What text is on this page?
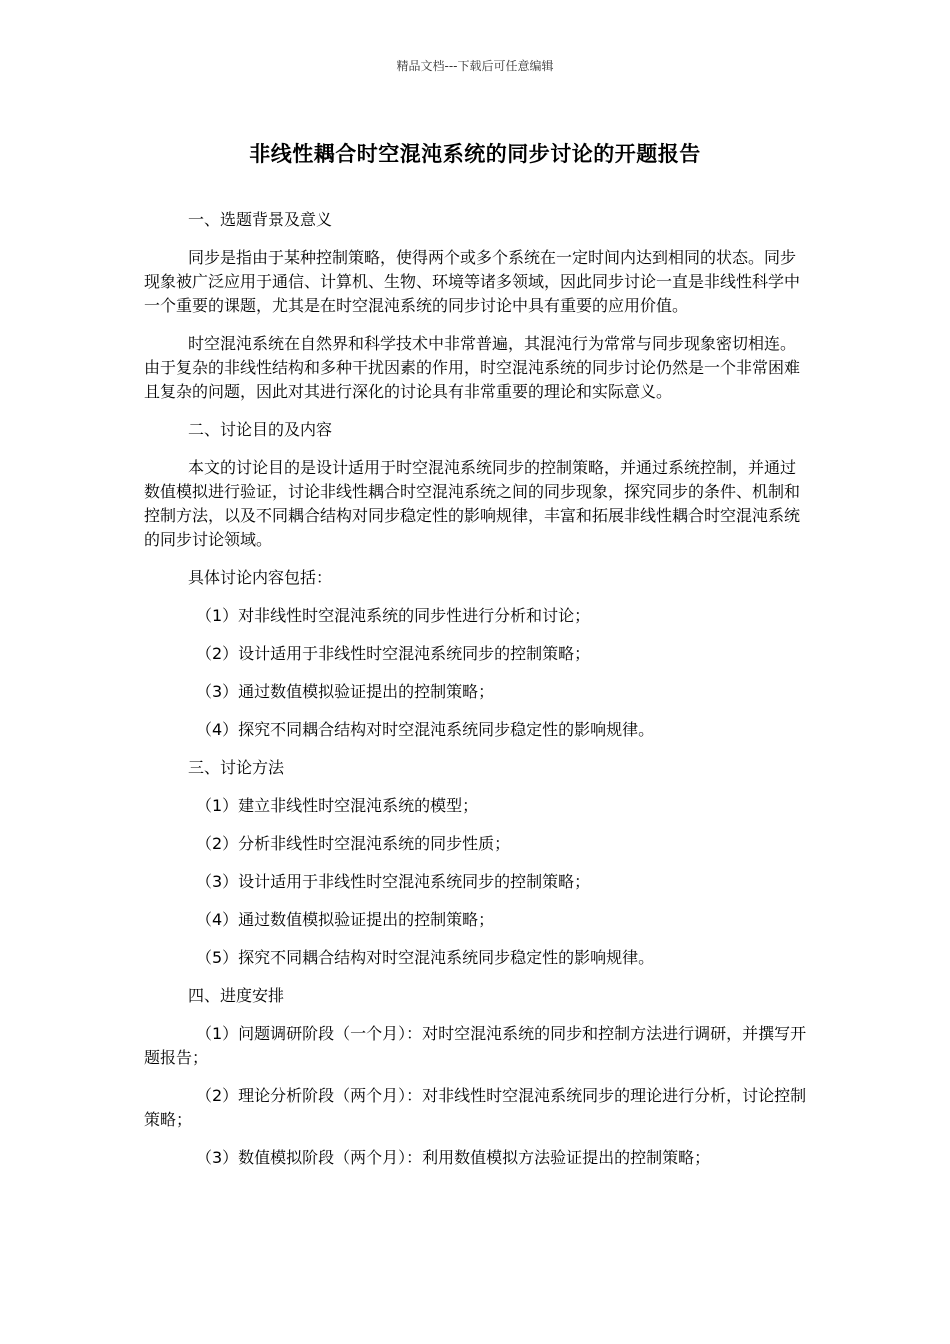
精品文档---下载后可任意编辑
非线性耦合时空混沌系统的同步讨论的开题报告

一、选题背景及意义

同步是指由于某种控制策略，使得两个或多个系统在一定时间内达到相同的状态。同步现象被广泛应用于通信、计算机、生物、环境等诸多领域，因此同步讨论一直是非线性科学中一个重要的课题，尤其是在时空混沌系统的同步讨论中具有重要的应用价值。

时空混沌系统在自然界和科学技术中非常普遍，其混沌行为常常与同步现象密切相连。由于复杂的非线性结构和多种干扰因素的作用，时空混沌系统的同步讨论仍然是一个非常困难且复杂的问题，因此对其进行深化的讨论具有非常重要的理论和实际意义。

二、讨论目的及内容

本文的讨论目的是设计适用于时空混沌系统同步的控制策略，并通过系统控制，并通过数值模拟进行验证，讨论非线性耦合时空混沌系统之间的同步现象，探究同步的条件、机制和控制方法，以及不同耦合结构对同步稳定性的影响规律，丰富和拓展非线性耦合时空混沌系统的同步讨论领域。

具体讨论内容包括：

（1）对非线性时空混沌系统的同步性进行分析和讨论；

（2）设计适用于非线性时空混沌系统同步的控制策略；

（3）通过数值模拟验证提出的控制策略；

（4）探究不同耦合结构对时空混沌系统同步稳定性的影响规律。

三、讨论方法

（1）建立非线性时空混沌系统的模型；

（2）分析非线性时空混沌系统的同步性质；

（3）设计适用于非线性时空混沌系统同步的控制策略；

（4）通过数值模拟验证提出的控制策略；

（5）探究不同耦合结构对时空混沌系统同步稳定性的影响规律。

四、进度安排

（1）问题调研阶段（一个月）：对时空混沌系统的同步和控制方法进行调研，并撰写开题报告；

（2）理论分析阶段（两个月）：对非线性时空混沌系统同步的理论进行分析，讨论控制策略；

（3）数值模拟阶段（两个月）：利用数值模拟方法验证提出的控制策略；
